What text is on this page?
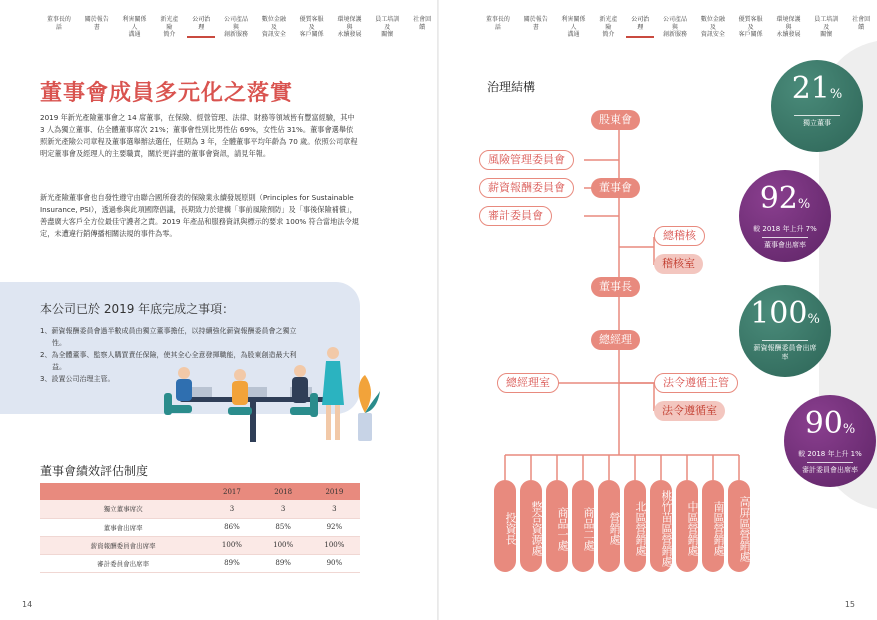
董事長的話
關於報告書
利害關係人
溝通
新光產險
簡介
公司治理
公司產品與
創新服務
數位金融及
資訊安全
優質客服及
客戶關係
環境保護與
永續發展
員工培訓及
關懷
社會回饋
董事會成員多元化之落實

2019 年新光產險董事會之 14 席董事，在保險、經營管理、法律、財務等領域皆有豐富經驗，其中 3 人為獨立董事、佔全體董事席次 21%；董事會性別比男性佔 69%，女性佔 31%。董事會選舉依照新光產險公司章程及董事選舉辦法選任，任期為 3 年，全體董事平均年齡為 70 歲。依照公司章程明定董事會及經理人的主要職責，關於更詳盡的董事會資訊，請見年報。

新光產險董事會也自發性遵守由聯合國所發表的保險業永續發展原則（Principles for Sustainable Insurance, PSI），透過參與此項國際倡議，長期致力於建構「事前風險預防」及「事後保險補償」，善盡廣大客戶全方位最佳守護者之責。2019 年產品和服務資訊與標示的要求 100% 符合當地法令規定，未遭違行銷傳播相關法規的事件為零。

本公司已於 2019 年底完成之事項：
1、薪資報酬委員會過半數成員由獨立董事擔任，以持續強化薪資報酬委員會之獨立性。
2、為全體董事、監察人購買責任保險，使其全心全意發揮職能，為股東創造最大利益。
3、設置公司治理主管。
董事會績效評估制度
	2017	2018	2019
獨立董事席次	3	3	3
董事會出席率	86%	85%	92%
薪資報酬委員會出席率	100%	100%	100%
審計委員會出席率	89%	89%	90%
14
董事長的話
關於報告書
利害關係人
溝通
新光產險
簡介
公司治理
公司產品與
創新服務
數位金融及
資訊安全
優質客服及
客戶關係
環境保護與
永續發展
員工培訓及
關懷
社會回饋
治理結構
股東會
風險管理委員會
薪資報酬委員會	董事會
審計委員會
總稽核
稽核室
董事長
總經理
總經理室	法令遵循主管
法令遵循室
投資長	整合資源處	商品一處	商品二處	營銷處	北區營銷處	桃竹苗區營銷處	中區營銷處	南區營銷處	高屏區營銷處
21%
獨立董事
92%
較 2018 年上升 7%
董事會出席率
100%
薪資報酬委員會出席率
90%
較 2018 年上升 1%
審計委員會出席率
15
